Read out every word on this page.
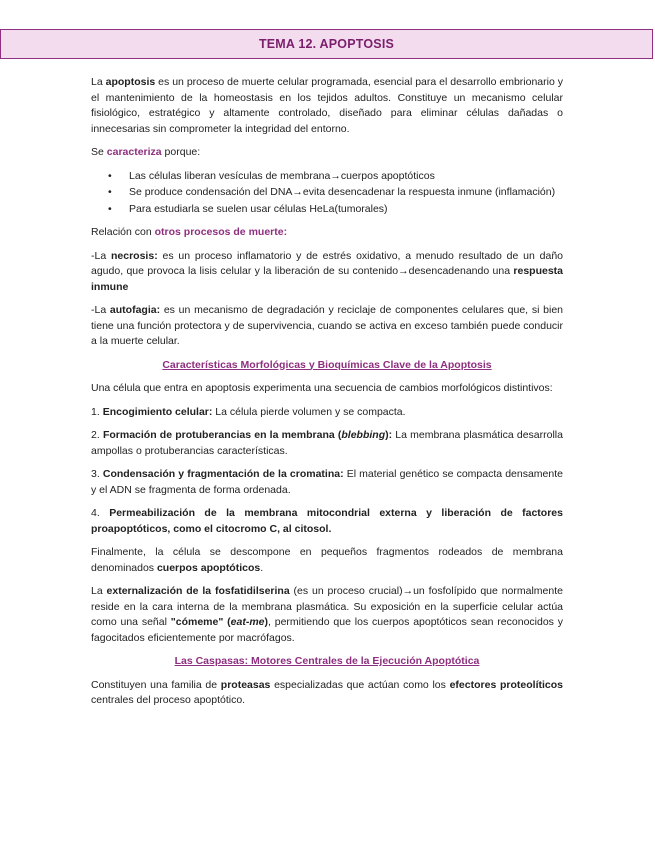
TEMA 12. APOPTOSIS

La apoptosis es un proceso de muerte celular programada, esencial para el desarrollo embrionario y el mantenimiento de la homeostasis en los tejidos adultos. Constituye un mecanismo celular fisiológico, estratégico y altamente controlado, diseñado para eliminar células dañadas o innecesarias sin comprometer la integridad del entorno.

Se caracteriza porque:

• Las células liberan vesículas de membrana→cuerpos apoptóticos
• Se produce condensación del DNA→evita desencadenar la respuesta inmune (inflamación)
• Para estudiarla se suelen usar células HeLa(tumorales)

Relación con otros procesos de muerte:

-La necrosis: es un proceso inflamatorio y de estrés oxidativo, a menudo resultado de un daño agudo, que provoca la lisis celular y la liberación de su contenido→desencadenando una respuesta inmune

-La autofagia: es un mecanismo de degradación y reciclaje de componentes celulares que, si bien tiene una función protectora y de supervivencia, cuando se activa en exceso también puede conducir a la muerte celular.

Características Morfológicas y Bioquímicas Clave de la Apoptosis

Una célula que entra en apoptosis experimenta una secuencia de cambios morfológicos distintivos:

1. Encogimiento celular: La célula pierde volumen y se compacta.

2. Formación de protuberancias en la membrana (blebbing): La membrana plasmática desarrolla ampollas o protuberancias características.

3. Condensación y fragmentación de la cromatina: El material genético se compacta densamente y el ADN se fragmenta de forma ordenada.

4. Permeabilización de la membrana mitocondrial externa y liberación de factores proapoptóticos, como el citocromo C, al citosol.

Finalmente, la célula se descompone en pequeños fragmentos rodeados de membrana denominados cuerpos apoptóticos.

La externalización de la fosfatidilserina (es un proceso crucial)→un fosfolípido que normalmente reside en la cara interna de la membrana plasmática. Su exposición en la superficie celular actúa como una señal "cómeme" (eat-me), permitiendo que los cuerpos apoptóticos sean reconocidos y fagocitados eficientemente por macrófagos.

Las Caspasas: Motores Centrales de la Ejecución Apoptótica

Constituyen una familia de proteasas especializadas que actúan como los efectores proteolíticos centrales del proceso apoptótico.
